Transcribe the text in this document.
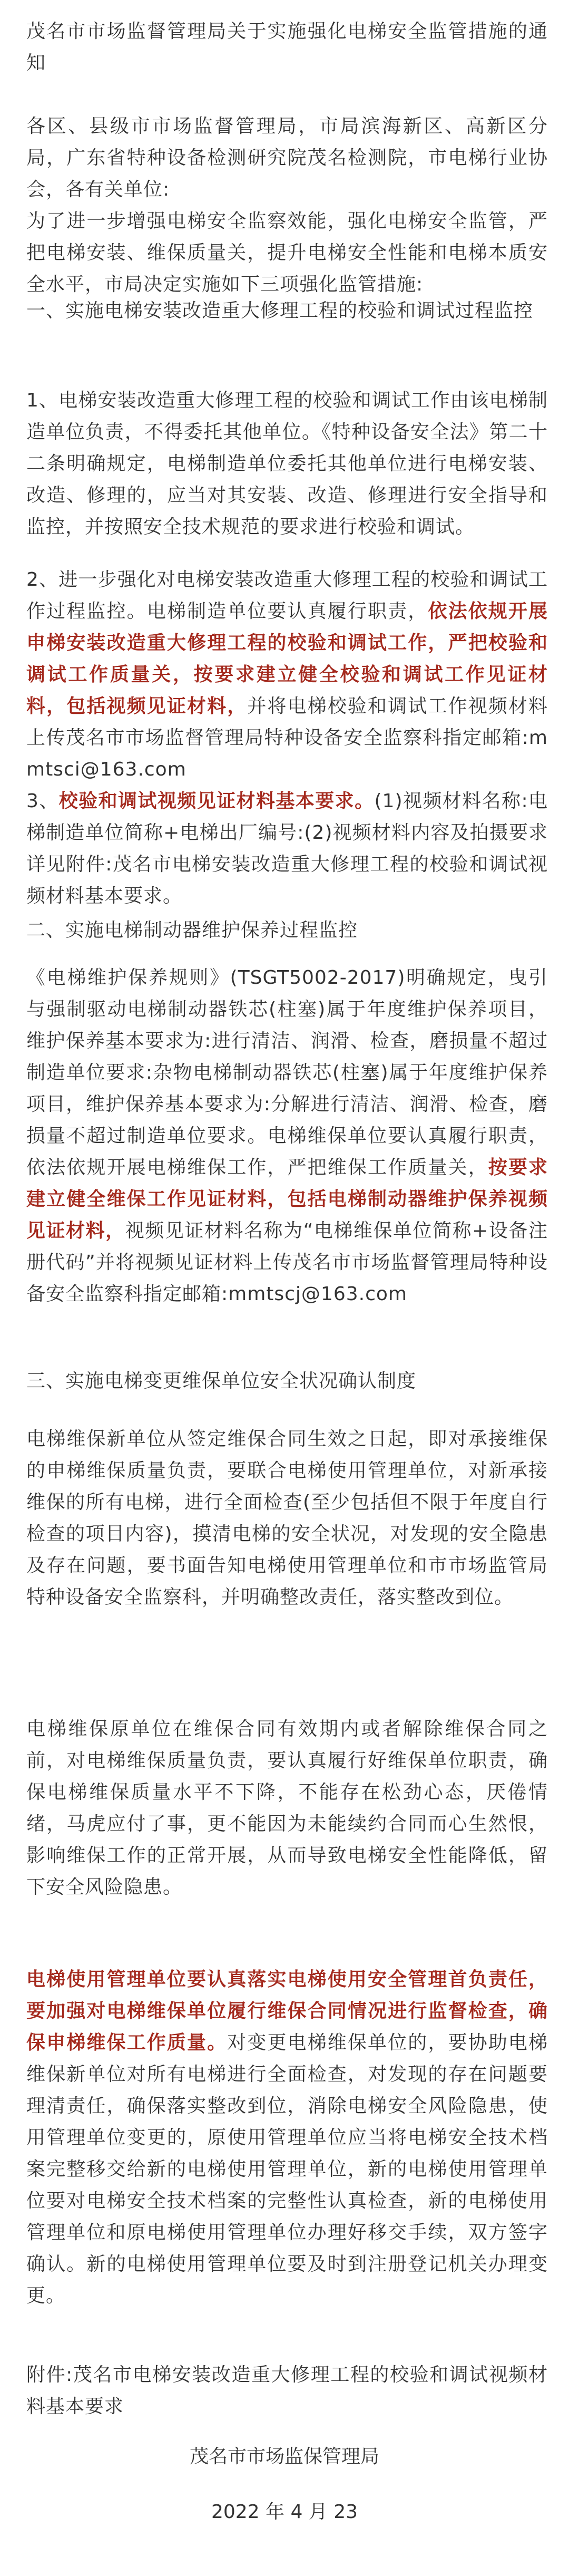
茂名市市场监督管理局关于实施强化电梯安全监管措施的通知

各区、县级市市场监督管理局，市局滨海新区、高新区分局，广东省特种设备检测研究院茂名检测院，市电梯行业协会，各有关单位:

为了进一步增强电梯安全监察效能，强化电梯安全监管，严把电梯安装、维保质量关，提升电梯安全性能和电梯本质安全水平，市局决定实施如下三项强化监管措施:

一、实施电梯安装改造重大修理工程的校验和调试过程监控

1、电梯安装改造重大修理工程的校验和调试工作由该电梯制造单位负责，不得委托其他单位。《特种设备安全法》第二十二条明确规定，电梯制造单位委托其他单位进行电梯安装、改造、修理的，应当对其安装、改造、修理进行安全指导和监控，并按照安全技术规范的要求进行校验和调试。

2、进一步强化对电梯安装改造重大修理工程的校验和调试工作过程监控。电梯制造单位要认真履行职责，依法依规开展申梯安装改造重大修理工程的校验和调试工作，严把校验和调试工作质量关，按要求建立健全校验和调试工作见证材料，包括视频见证材料，并将电梯校验和调试工作视频材料上传茂名市市场监督管理局特种设备安全监察科指定邮箱:mmtsci@163.com

3、校验和调试视频见证材料基本要求。(1)视频材料名称:电梯制造单位简称+电梯出厂编号:(2)视频材料内容及拍摄要求详见附件:茂名市电梯安装改造重大修理工程的校验和调试视频材料基本要求。

二、实施电梯制动器维护保养过程监控

《电梯维护保养规则》(TSGT5002-2017)明确规定，曳引与强制驱动电梯制动器铁芯(柱塞)属于年度维护保养项目，维护保养基本要求为:进行清洁、润滑、检查，磨损量不超过制造单位要求:杂物电梯制动器铁芯(柱塞)属于年度维护保养项目，维护保养基本要求为:分解进行清洁、润滑、检查，磨损量不超过制造单位要求。电梯维保单位要认真履行职责，依法依规开展电梯维保工作，严把维保工作质量关，按要求建立健全维保工作见证材料，包括电梯制动器维护保养视频见证材料，视频见证材料名称为“电梯维保单位简称+设备注册代码”并将视频见证材料上传茂名市市场监督管理局特种设备安全监察科指定邮箱:mmtscj@163.com

三、实施电梯变更维保单位安全状况确认制度

电梯维保新单位从签定维保合同生效之日起，即对承接维保的申梯维保质量负责，要联合电梯使用管理单位，对新承接维保的所有电梯，进行全面检查(至少包括但不限于年度自行检查的项目内容)，摸清电梯的安全状况，对发现的安全隐患及存在问题，要书面告知电梯使用管理单位和市市场监管局特种设备安全监察科，并明确整改责任，落实整改到位。

电梯维保原单位在维保合同有效期内或者解除维保合同之前，对电梯维保质量负责，要认真履行好维保单位职责，确保电梯维保质量水平不下降，不能存在松劲心态，厌倦情绪，马虎应付了事，更不能因为未能续约合同而心生然恨，影响维保工作的正常开展，从而导致电梯安全性能降低，留下安全风险隐患。

电梯使用管理单位要认真落实电梯使用安全管理首负责任，要加强对电梯维保单位履行维保合同情况进行监督检查，确保申梯维保工作质量。对变更电梯维保单位的，要协助电梯维保新单位对所有电梯进行全面检查，对发现的存在问题要理清责任，确保落实整改到位，消除电梯安全风险隐患，使用管理单位变更的，原使用管理单位应当将电梯安全技术档案完整移交给新的电梯使用管理单位，新的电梯使用管理单位要对电梯安全技术档案的完整性认真检查，新的电梯使用管理单位和原电梯使用管理单位办理好移交手续，双方签字确认。新的电梯使用管理单位要及时到注册登记机关办理变更。

附件:茂名市电梯安装改造重大修理工程的校验和调试视频材料基本要求

茂名市市场监保管理局

2022 年 4 月 23
